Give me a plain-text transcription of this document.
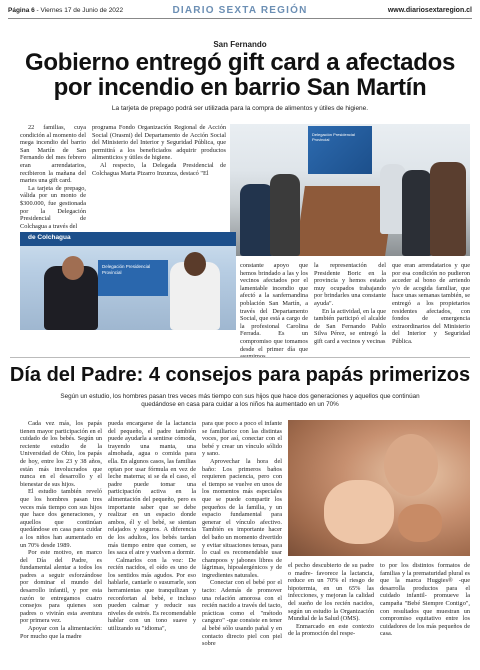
Página 6 - Viernes 17 de Junio de 2022	DIARIO SEXTA REGIÓN	www.diariosextaregion.cl
San Fernando
Gobierno entregó gift card a afectados por incendio en barrio San Martín
La tarjeta de prepago podrá ser utilizada para la compra de alimentos y útiles de higiene.

22 familias, cuya condición al momento del mega incendio del barrio San Martín de San Fernando del mes febrero eran arrendatarios, recibieron la mañana del martes una gift card.

La tarjeta de prepago, válida por un monto de $300.000, fue gestionada por la Delegación Presidencial de Colchagua a través del

programa Fondo Organización Regional de Acción Social (Orasmi) del Departamento de Acción Social del Ministerio del Interior y Seguridad Pública, que permitirá a los beneficiados adquirir productos alimenticios y útiles de higiene.

Al respecto, la Delegada Presidencial de Colchagua Marta Pizarro Inzunza, destacó "El

Delegación Presidencial Provincial
de Colchagua
Delegación Presidencial Provincial

constante apoyo que hemos brindado a las y los vecinos afectados por el lamentable incendio que afectó a la sanfernandina población San Martín, a través del Departamento Social, que está a cargo de la profesional Carolina Ferrada. Es un compromiso que tomamos desde el primer día que

la representación del Presidente Boric en la provincia y hemos estado muy ocupados trabajando por brindarles una constante ayuda".

En la actividad, en la que también participó el alcalde de San Fernando Pablo Silva Pérez, se entregó la gift card a vecinos y vecinas

que eran arrendatarios y que por esa condición no pudieron acceder al bono de arriendo y/o de acogida familiar, que hace unas semanas también, se entregó a los propietarios residentes afectados, con fondos de emergencia extraordinarios del Ministerio del Interior y Seguridad Pública.

Día del Padre: 4 consejos para papás primerizos
Según un estudio, los hombres pasan tres veces más tiempo con sus hijos que hace dos generaciones y aquellos que continúan quedándose en casa para cuidar a los niños ha aumentado en un 70%

Cada vez más, los papás tienen mayor participación en el cuidado de los bebés. Según un reciente estudio de la Universidad de Ohio, los papás de hoy, entre los 23 y 38 años, están más involucrados que nunca en el desarrollo y el bienestar de sus hijos.

El estudio también reveló que los hombres pasan tres veces más tiempo con sus hijos que hace dos generaciones, y aquellos que continúan quedándose en casa para cuidar a los niños han aumentado en un 70% desde 1989.

Por este motivo, en marco del Día del Padre, es fundamental alentar a todos los padres a seguir esforzándose por dominar el mundo del desarrollo infantil, y por esta razón te entregamos cuatro consejos para quienes son padres o vivirán esta aventura por primera vez.

Apoyar con la alimentación: Por mucho que la madre

pueda encargarse de la lactancia del pequeño, el padre también puede ayudarla a sentirse cómoda, trayendo una manta, una almohada, agua o comida para ella. En algunos casos, las familias optan por usar fórmula en vez de leche materna; si se da el caso, el padre puede tomar una participación activa en la alimentación del pequeño, pero es importante saber que se debe realizar en un espacio donde ambos, él y el bebé, se sientan relajados y seguros. A diferencia de los adultos, los bebés tardan más tiempo entre que comen, se les saca el aire y vuelven a dormir.

Calmarlos con la voz: De recién nacidos, el oído es uno de los sentidos más agudos. Por eso hablarle, cantarle o susurrarle, son herramientas que tranquilizan y reconfortan al bebé, e incluso pueden calmar y reducir sus niveles de estrés. Es recomendable hablar con un tono suave y utilizando su "idioma",

para que poco a poco el infante se familiarice con las distintas voces, por así, conectar con el bebé y crear un vínculo sólido y sano.

Aprovechar la hora del baño: Los primeros baños requieren paciencia, pero con el tiempo se vuelve en unos de los momentos más especiales que se puede compartir los pequeños de la familia, y un espacio fundamental para generar el vínculo afectivo. También es importante hacer del baño un momento divertido y evitar situaciones tensas, para lo cual es recomendable usar champoos y jabones libres de lágrimas, hipoalergénicos y de ingredientes naturales.

Conectar con el bebé por el tacto: Además de promover una relación amorosa con el recién nacido a través del tacto, prácticas como el "método canguro" -que consiste en tener al bebé sólo usando pañal y en contacto directo piel con piel sobre

el pecho descubierto de su padre o madre- favorece la lactancia, reduce en un 70% el riesgo de hipotermia, en un 65% las infecciones, y mejoran la calidad del sueño de los recién nacidos, según un estudio la Organización Mundial de la Salud (OMS).

Enmarcado en este contexto de la promoción del respe-

to por los distintos formatos de familias y la prematuridad plural es que la marca Huggies® -que desarrolla productos para el cuidado infantil- promueve la campaña "Bebé Siempre Contigo", con resultados que muestran un compromiso equitativo entre los cuidadores de los más pequeños de casa.
